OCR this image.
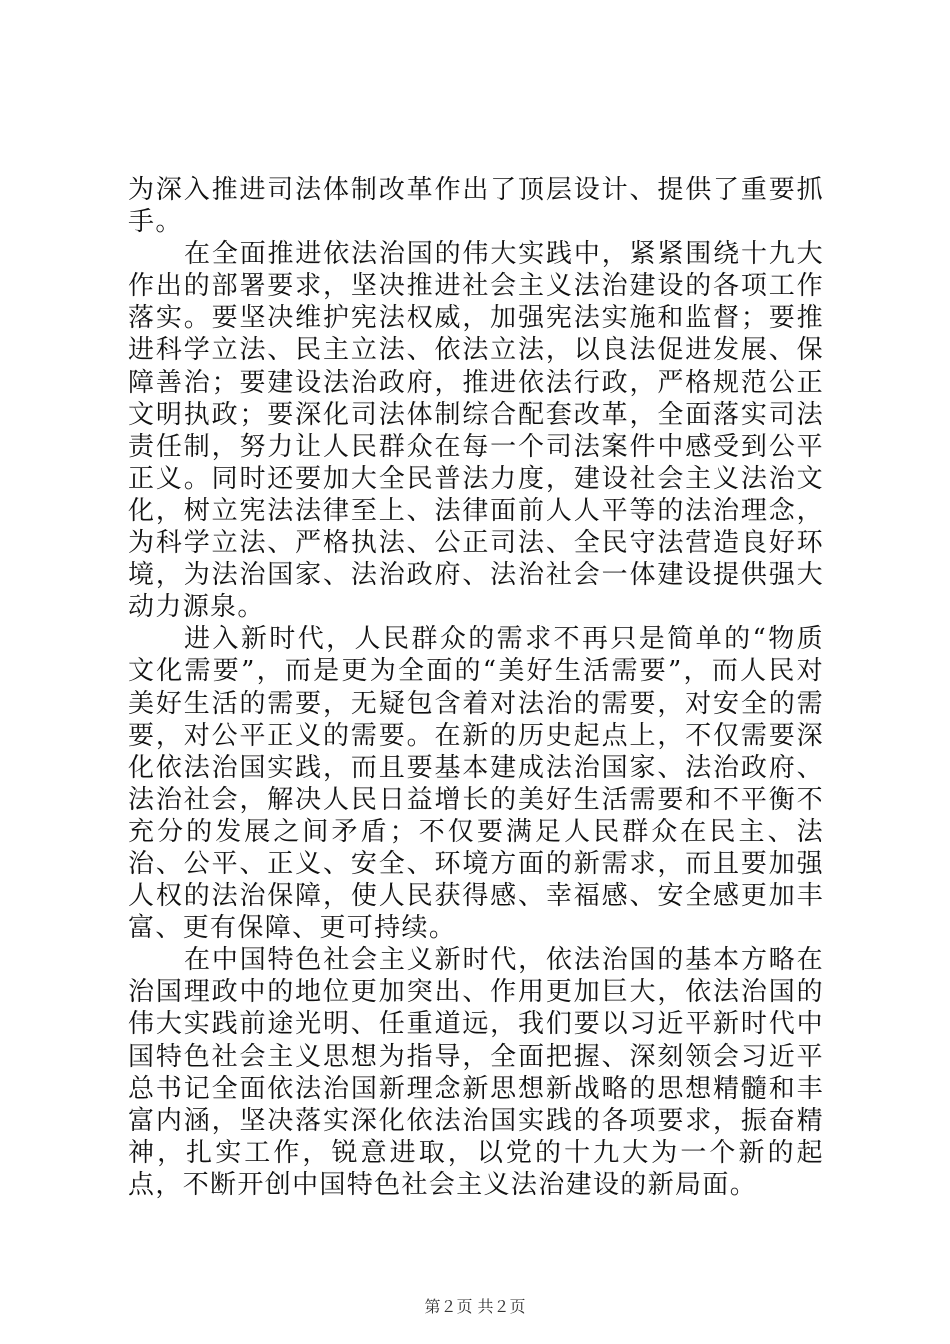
为深入推进司法体制改革作出了顶层设计、提供了重要抓手。

在全面推进依法治国的伟大实践中，紧紧围绕十九大作出的部署要求，坚决推进社会主义法治建设的各项工作落实。要坚决维护宪法权威，加强宪法实施和监督；要推进科学立法、民主立法、依法立法，以良法促进发展、保障善治；要建设法治政府，推进依法行政，严格规范公正文明执政；要深化司法体制综合配套改革，全面落实司法责任制，努力让人民群众在每一个司法案件中感受到公平正义。同时还要加大全民普法力度，建设社会主义法治文化，树立宪法法律至上、法律面前人人平等的法治理念，为科学立法、严格执法、公正司法、全民守法营造良好环境，为法治国家、法治政府、法治社会一体建设提供强大动力源泉。

进入新时代，人民群众的需求不再只是简单的“物质文化需要”，而是更为全面的“美好生活需要”，而人民对美好生活的需要，无疑包含着对法治的需要，对安全的需要，对公平正义的需要。在新的历史起点上，不仅需要深化依法治国实践，而且要基本建成法治国家、法治政府、法治社会，解决人民日益增长的美好生活需要和不平衡不充分的发展之间矛盾；不仅要满足人民群众在民主、法治、公平、正义、安全、环境方面的新需求，而且要加强人权的法治保障，使人民获得感、幸福感、安全感更加丰富、更有保障、更可持续。

在中国特色社会主义新时代，依法治国的基本方略在治国理政中的地位更加突出、作用更加巨大，依法治国的伟大实践前途光明、任重道远，我们要以习近平新时代中国特色社会主义思想为指导，全面把握、深刻领会习近平总书记全面依法治国新理念新思想新战略的思想精髓和丰富内涵，坚决落实深化依法治国实践的各项要求，振奋精神，扎实工作，锐意进取，以党的十九大为一个新的起点，不断开创中国特色社会主义法治建设的新局面。

第２页 共２页
